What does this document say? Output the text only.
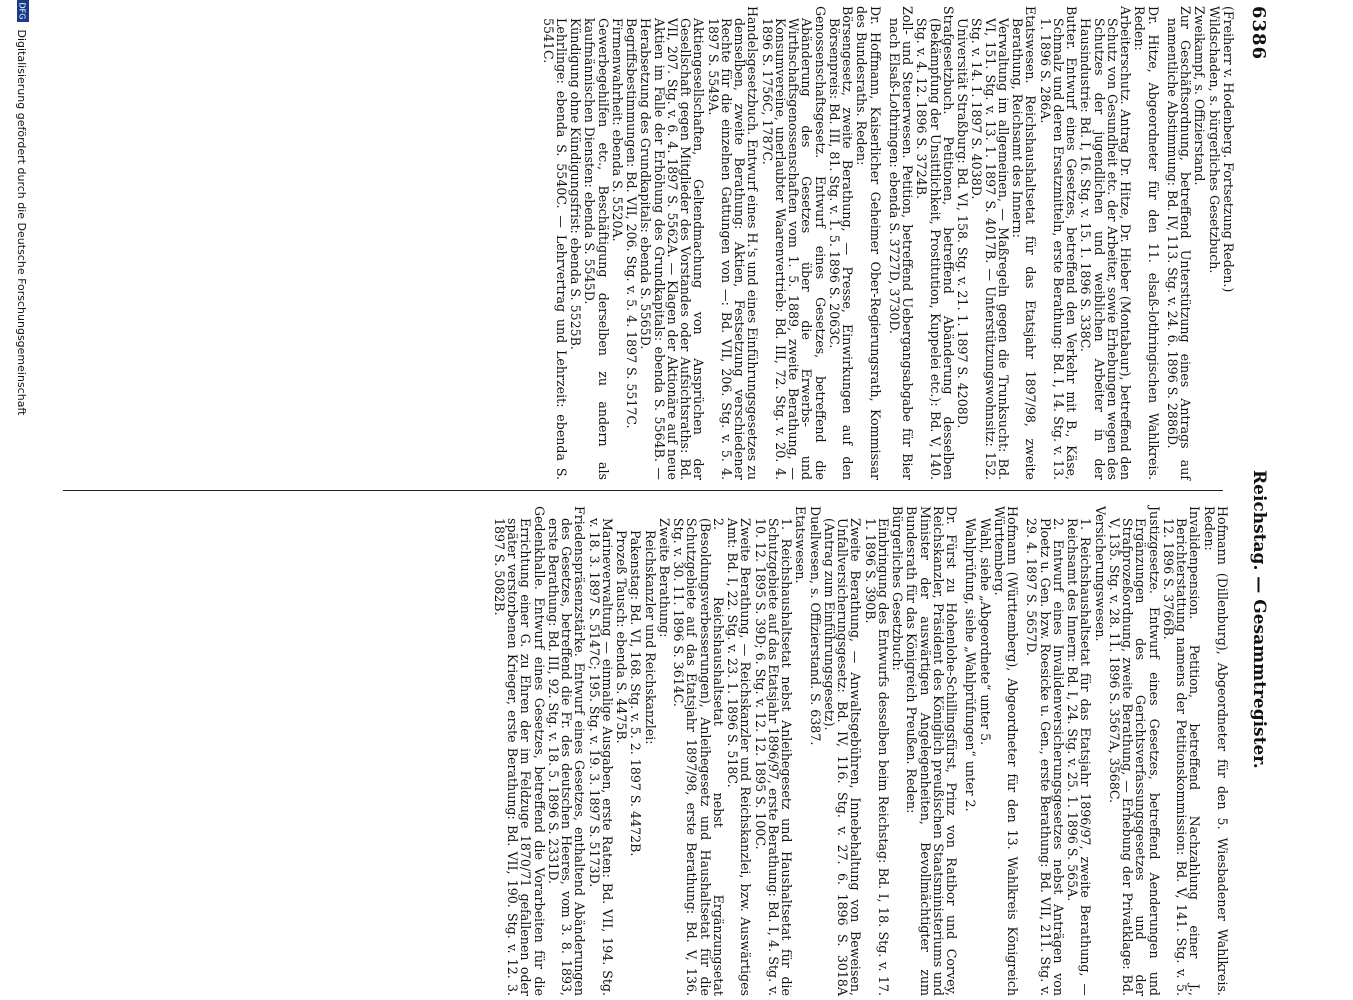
6386
Reichstag. — Gesammtregister.
(Freiherr v. Hodenberg. Fortsetzung Reden.)
Wildschaden, s. bürgerliches Gesetzbuch.
Zweikampf, s. Offizierstand.
Zur Geschäftsordnung, betreffend Unterstützung eines Antrags auf namentliche Abstimmung: Bd. IV, 113. Stg. v. 24. 6. 1896 S. 2886D.
Dr. Hitze, Abgeordneter für den 11. elsaß-lothringischen Wahlkreis. Reden:
Arbeiterschutz. Antrag Dr. Hitze, Dr. Hieber (Montabaur), betreffend den Schutz von Gesundheit etc. der Arbeiter, sowie Erhebungen wegen des Schutzes der jugendlichen und weiblichen Arbeiter in der Hausindustrie: Bd. I, 16. Stg. v. 15. 1. 1896 S. 338C.
Butter. Entwurf eines Gesetzes, betreffend den Verkehr mit B., Käse, Schmalz und deren Ersatzmitteln, erste Berathung: Bd. I, 14. Stg. v. 13. 1. 1896 S. 286A.
Etatswesen. Reichshaushaltsetat für das Etatsjahr 1897/98, zweite Berathung, Reichsamt des Innern:
Verwaltung im allgemeinen, — Maßregeln gegen die Trunksucht: Bd. VI, 151. Stg. v. 13. 1. 1897 S. 4017B. — Unterstützungswohnsitz: 152. Stg. v. 14. 1. 1897 S. 4038D.
Universität Straßburg: Bd. VI, 158. Stg. v. 21. 1. 1897 S. 4208D.
Strafgesetzbuch. Petitionen, betreffend Abänderung desselben (Bekämpfung der Unsittlichkeit, Prostitution, Kuppelei etc.): Bd. V, 140. Stg. v. 4. 12. 1896 S. 3724B.
Zoll- und Steuerwesen. Petition, betreffend Uebergangsabgabe für Bier nach Elsaß-Lothringen: ebenda S. 3727D, 3730D.
Dr. Hoffmann, Kaiserlicher Geheimer Ober-Regierungsrath, Kommissar des Bundesraths. Reden:
Börsengesetz, zweite Berathung, — Presse, Einwirkungen auf den Börsenpreis: Bd. III, 81. Stg. v. 1. 5. 1896 S. 2063C.
Genossenschaftsgesetz. Entwurf eines Gesetzes, betreffend die Abänderung des Gesetzes über die Erwerbs- und Wirthschaftsgenossenschaften vom 1. 5. 1889, zweite Berathung, — Konsumvereine, unerlaubter Waarenvertrieb: Bd. III, 72. Stg. v. 20. 4. 1896 S. 1756C, 1787C.
Handelsgesetzbuch. Entwurf eines H.'s und eines Einführungsgesetzes zu demselben, zweite Berathung: Aktien, Festsetzung verschiedener Rechte für die einzelnen Gattungen von —: Bd. VII, 206. Stg. v. 5. 4. 1897 S. 5549A.
Aktiengesellschaften, Geltendmachung von Ansprüchen der Gesellschaft gegen Mitglieder des Vorstandes oder Aufsichtsraths: Bd. VII, 207. Stg. v. 6. 4. 1897 S. 5562A. — Klagen der Aktionäre auf neue Aktien im Falle der Erhöhung des Grundkapitals: ebenda S. 5564B. — Herabsetzung des Grundkapitals: ebenda S. 5565D.
Begriffsbestimmungen: Bd. VII, 206. Stg. v. 5. 4. 1897 S. 5517C.
Firmenwahrheit: ebenda S. 5520A.
Gewerbegehilfen etc., Beschäftigung derselben zu andern als kaufmännischen Diensten: ebenda S. 5545D.
Kündigung ohne Kündigungsfrist: ebenda S. 5525B.
Lehrlinge: ebenda S. 5540C. — Lehrvertrag und Lehrzeit: ebenda S. 5541C.
Hofmann (Dillenburg), Abgeordneter für den 5. Wiesbadener Wahlkreis. Reden:
Invalidenpension. Petition, betreffend Nachzahlung einer J., Berichterstattung namens der Petitionskommission: Bd. V, 141. Stg. v. 5. 12. 1896 S. 3766B.
Justizgesetze. Entwurf eines Gesetzes, betreffend Aenderungen und Ergänzungen des Gerichtsverfassungsgesetzes und der Strafprozeßordnung, zweite Berathung, — Erhebung der Privatklage: Bd. V, 135. Stg. v. 28. 11. 1896 S. 3567A, 3568C.
Versicherungswesen.
1. Reichshaushaltsetat für das Etatsjahr 1896/97, zweite Berathung, — Reichsamt des Innern: Bd. I, 24. Stg. v. 25. 1. 1896 S. 565A.
2. Entwurf eines Invalidenversicherungsgesetzes nebst Anträgen von Ploetz u. Gen. bzw. Roesicke u. Gen., erste Berathung: Bd. VII, 211. Stg. v. 29. 4. 1897 S. 5657D.
Hofmann (Württemberg), Abgeordneter für den 13. Wahlkreis Königreich Württemberg.
Wahl, siehe „Abgeordnete“ unter 5.
Wahlprüfung, siehe „Wahlprüfungen“ unter 2.
Dr. Fürst zu Hohenlohe-Schillingsfürst, Prinz von Ratibor und Corvey, Reichskanzler, Präsident des Königlich preußischen Staatsministeriums und Minister der auswärtigen Angelegenheiten, Bevollmächtigter zum Bundesrath für das Königreich Preußen. Reden:
Bürgerliches Gesetzbuch:
Einbringung des Entwurfs desselben beim Reichstag: Bd. I, 18. Stg. v. 17. 1. 1896 S. 390B.
Zweite Berathung, — Anwaltsgebühren, Innebehaltung von Beweisen, Unfallversicherungsgesetz: Bd. IV, 116. Stg. v. 27. 6. 1896 S. 3018A (Antrag zum Einführungsgesetz).
Duellwesen, s. Offizierstand. S. 6387.
Etatswesen.
1. Reichshaushaltsetat nebst Anleihegesetz und Haushaltsetat für die Schutzgebiete auf das Etatsjahr 1896/97, erste Berathung: Bd. I, 4. Stg. v. 10. 12. 1895 S. 39D; 6. Stg. v. 12. 12. 1895 S. 100C.
Zweite Berathung, — Reichskanzler und Reichskanzlei, bzw. Auswärtiges Amt: Bd. I, 22. Stg. v. 23. 1. 1896 S. 518C.
2. Reichshaushaltsetat nebst Ergänzungsetat (Besoldungsverbesserungen), Anleihegesetz und Haushaltsetat für die Schutzgebiete auf das Etatsjahr 1897/98, erste Berathung: Bd. V, 136. Stg. v. 30. 11. 1896 S. 3614C.
Zweite Berathung:
Reichskanzler und Reichskanzlei:
Pakenstag: Bd. VI, 168. Stg. v. 5. 2. 1897 S. 4472B.
Prozeß Tausch: ebenda S. 4475B.
Marineverwaltung — einmalige Ausgaben, erste Raten: Bd. VII, 194. Stg. v. 18. 3. 1897 S. 5147C; 195. Stg. v. 19. 3. 1897 S. 5173D.
Friedenspräsenzstärke. Entwurf eines Gesetzes, enthaltend Abänderungen des Gesetzes, betreffend die Fr. des deutschen Heeres, vom 3. 8. 1893, erste Berathung: Bd. III, 92. Stg. v. 18. 5. 1896 S. 2331D.
Gedenkhalle. Entwurf eines Gesetzes, betreffend die Vorarbeiten für die Errichtung einer G. zu Ehren der im Feldzuge 1870/71 gefallenen oder später verstorbenen Krieger, erste Berathung: Bd. VII, 190. Stg. v. 12. 3. 1897 S. 5082B.
DFG
Digitalisierung gefördert durch die Deutsche Forschungsgemeinschaft
